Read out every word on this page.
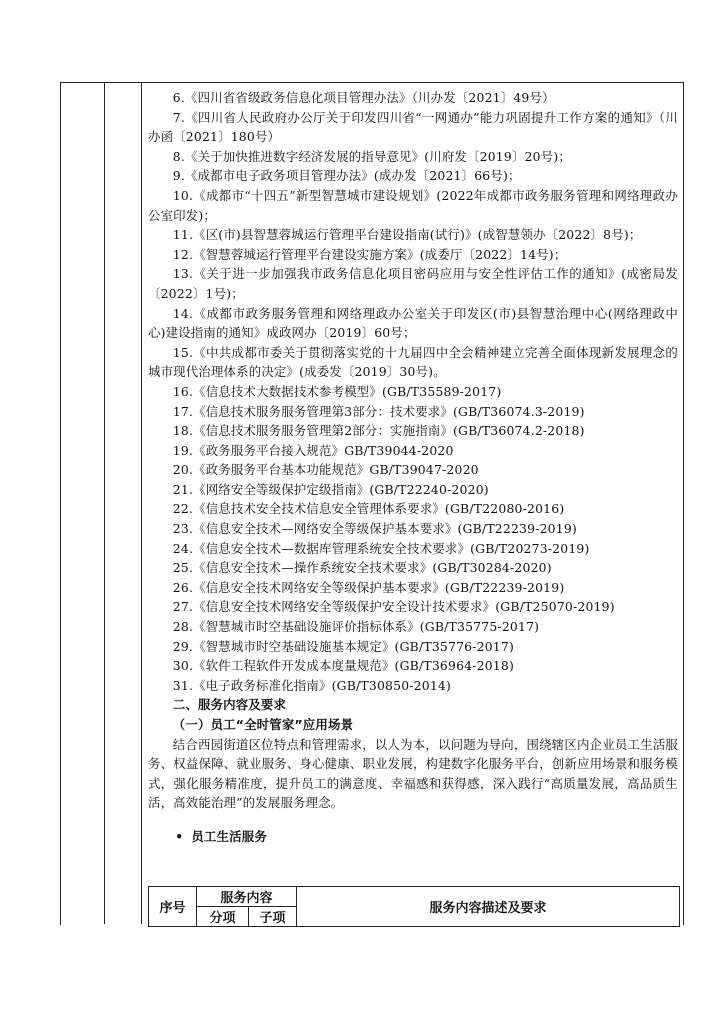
6.《四川省省级政务信息化项目管理办法》（川办发〔2021〕49号）

7.《四川省人民政府办公厅关于印发四川省“一网通办”能力巩固提升工作方案的通知》（川办函〔2021〕180号）

8.《关于加快推进数字经济发展的指导意见》(川府发〔2019〕20号)；

9.《成都市电子政务项目管理办法》(成办发〔2021〕66号)；

10.《成都市“十四五”新型智慧城市建设规划》(2022年成都市政务服务管理和网络理政办公室印发)；

11.《区(市)县智慧蓉城运行管理平台建设指南(试行)》(成智慧领办〔2022〕8号)；

12.《智慧蓉城运行管理平台建设实施方案》(成委厅〔2022〕14号)；

13.《关于进一步加强我市政务信息化项目密码应用与安全性评估工作的通知》(成密局发〔2022〕1号)；

14.《成都市政务服务管理和网络理政办公室关于印发区(市)县智慧治理中心(网络理政中心)建设指南的通知》成政网办〔2019〕60号；

15.《中共成都市委关于贯彻落实党的十九届四中全会精神建立完善全面体现新发展理念的城市现代治理体系的决定》(成委发〔2019〕30号)。

16.《信息技术大数据技术参考模型》(GB/T35589-2017)

17.《信息技术服务服务管理第3部分：技术要求》(GB/T36074.3-2019)

18.《信息技术服务服务管理第2部分：实施指南》(GB/T36074.2-2018)

19.《政务服务平台接入规范》GB/T39044-2020

20.《政务服务平台基本功能规范》GB/T39047-2020

21.《网络安全等级保护定级指南》(GB/T22240-2020)

22.《信息技术安全技术信息安全管理体系要求》(GB/T22080-2016)

23.《信息安全技术—网络安全等级保护基本要求》(GB/T22239-2019)

24.《信息安全技术—数据库管理系统安全技术要求》(GB/T20273-2019)

25.《信息安全技术—操作系统安全技术要求》(GB/T30284-2020)

26.《信息安全技术网络安全等级保护基本要求》(GB/T22239-2019)

27.《信息安全技术网络安全等级保护安全设计技术要求》(GB/T25070-2019)

28.《智慧城市时空基础设施评价指标体系》(GB/T35775-2017)

29.《智慧城市时空基础设施基本规定》(GB/T35776-2017)

30.《软件工程软件开发成本度量规范》(GB/T36964-2018)

31.《电子政务标准化指南》(GB/T30850-2014)

二、服务内容及要求

（一）员工“全时管家”应用场景

结合西园街道区位特点和管理需求，以人为本，以问题为导向，围绕辖区内企业员工生活服务、权益保障、就业服务、身心健康、职业发展，构建数字化服务平台，创新应用场景和服务模式，强化服务精准度，提升员工的满意度、幸福感和获得感，深入践行“高质量发展，高品质生活，高效能治理”的发展服务理念。

• 员工生活服务

序号	服务内容		服务内容描述及要求
	分项	子项	
